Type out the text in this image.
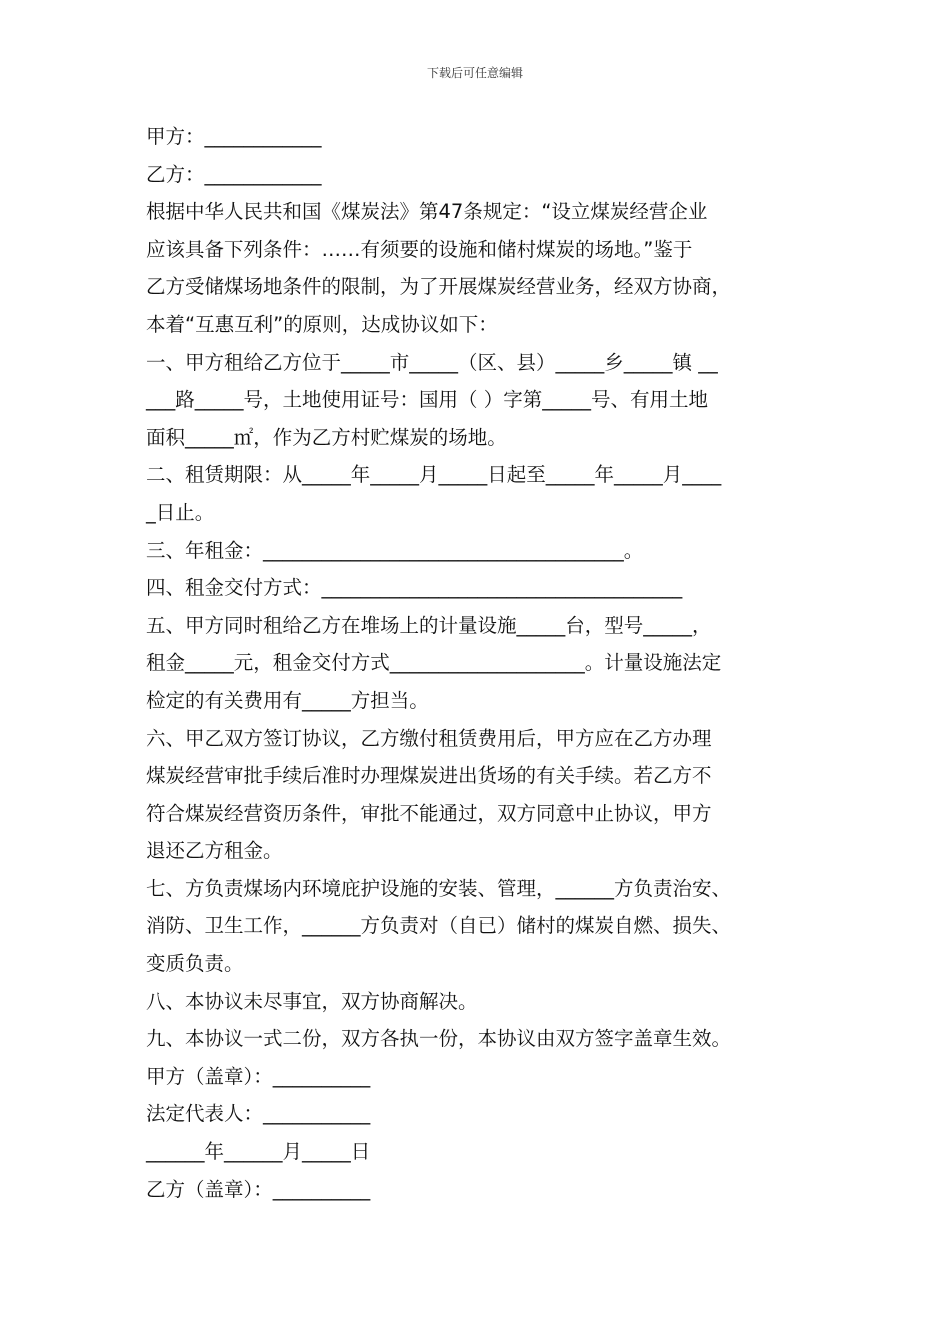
下载后可任意编辑

甲方：____________

乙方：____________

根据中华人民共和国《煤炭法》第47条规定：“设立煤炭经营企业

应该具备下列条件：……有须要的设施和储村煤炭的场地。”鉴于

乙方受储煤场地条件的限制，为了开展煤炭经营业务，经双方协商，

本着“互惠互利”的原则，达成协议如下：

一、甲方租给乙方位于_____市_____（区、县）_____乡_____镇 __

___路_____号，土地使用证号：国用（ ）字第_____号、有用土地

面积_____㎡，作为乙方村贮煤炭的场地。

二、租赁期限：从_____年_____月_____日起至_____年_____月____

_日止。

三、年租金：_____________________________________。

四、租金交付方式：_____________________________________

五、甲方同时租给乙方在堆场上的计量设施_____台，型号_____，

租金_____元，租金交付方式____________________。计量设施法定

检定的有关费用有_____方担当。

六、甲乙双方签订协议，乙方缴付租赁费用后，甲方应在乙方办理

煤炭经营审批手续后准时办理煤炭进出货场的有关手续。若乙方不

符合煤炭经营资历条件，审批不能通过，双方同意中止协议，甲方

退还乙方租金。

七、方负责煤场内环境庇护设施的安装、管理，______方负责治安、

消防、卫生工作，______方负责对（自已）储村的煤炭自燃、损失、

变质负责。

八、本协议未尽事宜，双方协商解决。

九、本协议一式二份，双方各执一份，本协议由双方签字盖章生效。

甲方（盖章）：__________

法定代表人：___________

______年______月_____日

乙方（盖章）：__________
